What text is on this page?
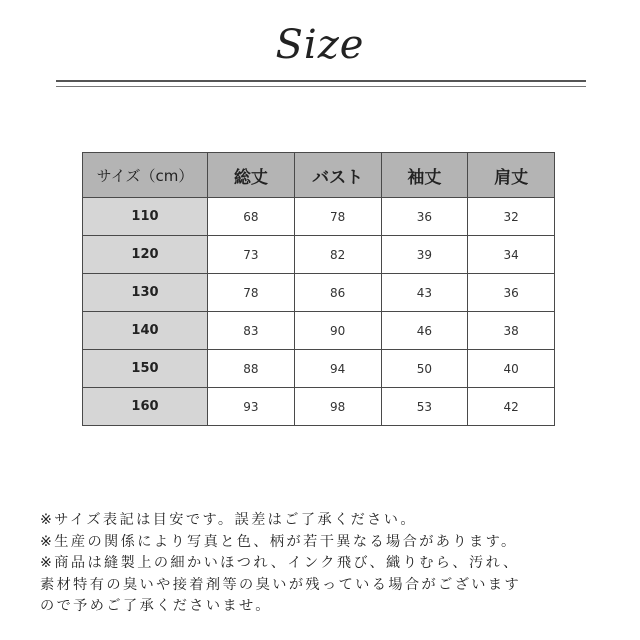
Size
サイズ（cm）	総丈	バスト	袖丈	肩丈
110	68	78	36	32
120	73	82	39	34
130	78	86	43	36
140	83	90	46	38
150	88	94	50	40
160	93	98	53	42
※サイズ表記は目安です。誤差はご了承ください。
※生産の関係により写真と色、柄が若干異なる場合があります。
※商品は縫製上の細かいほつれ、インク飛び、織りむら、汚れ、
素材特有の臭いや接着剤等の臭いが残っている場合がございます
ので予めご了承くださいませ。
